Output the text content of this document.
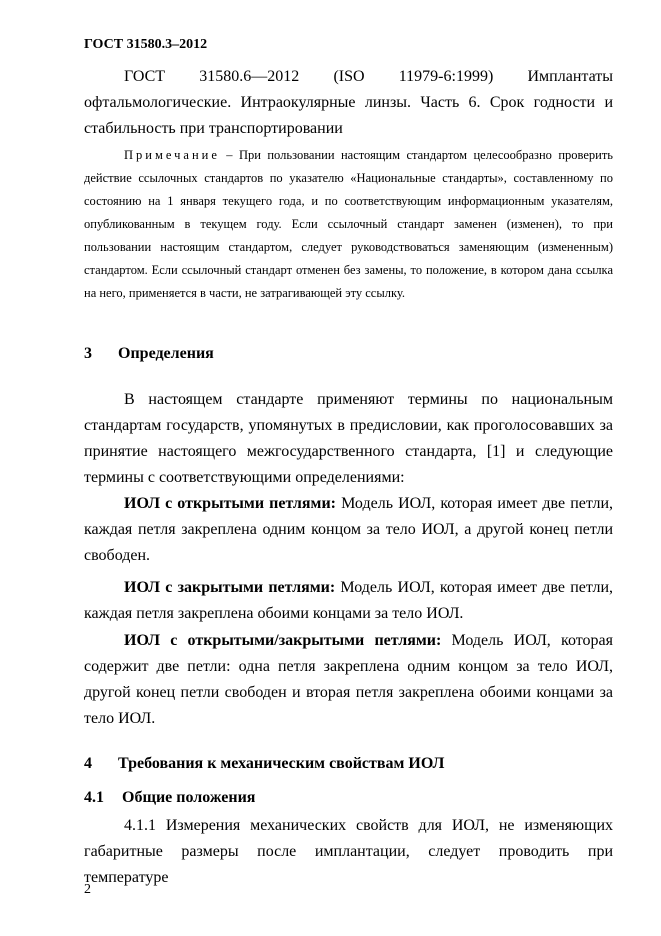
ГОСТ 31580.3–2012
ГОСТ 31580.6—2012 (ISO 11979-6:1999) Имплантаты
офтальмологические. Интраокулярные линзы. Часть 6. Срок годности и стабильность при транспортировании
Примечание – При пользовании настоящим стандартом целесообразно проверить действие ссылочных стандартов по указателю «Национальные стандарты», составленному по состоянию на 1 января текущего года, и по соответствующим информационным указателям, опубликованным в текущем году. Если ссылочный стандарт заменен (изменен), то при пользовании настоящим стандартом, следует руководствоваться заменяющим (измененным) стандартом. Если ссылочный стандарт отменен без замены, то положение, в котором дана ссылка на него, применяется в части, не затрагивающей эту ссылку.
3 Определения
В настоящем стандарте применяют термины по национальным стандартам государств, упомянутых в предисловии, как проголосовавших за принятие настоящего межгосударственного стандарта, [1] и следующие термины с соответствующими определениями:
ИОЛ с открытыми петлями: Модель ИОЛ, которая имеет две петли, каждая петля закреплена одним концом за тело ИОЛ, а другой конец петли свободен.
ИОЛ с закрытыми петлями: Модель ИОЛ, которая имеет две петли, каждая петля закреплена обоими концами за тело ИОЛ.
ИОЛ с открытыми/закрытыми петлями: Модель ИОЛ, которая содержит две петли: одна петля закреплена одним концом за тело ИОЛ, другой конец петли свободен и вторая петля закреплена обоими концами за тело ИОЛ.
4 Требования к механическим свойствам ИОЛ
4.1 Общие положения
4.1.1 Измерения механических свойств для ИОЛ, не изменяющих габаритные размеры после имплантации, следует проводить при температуре
2
